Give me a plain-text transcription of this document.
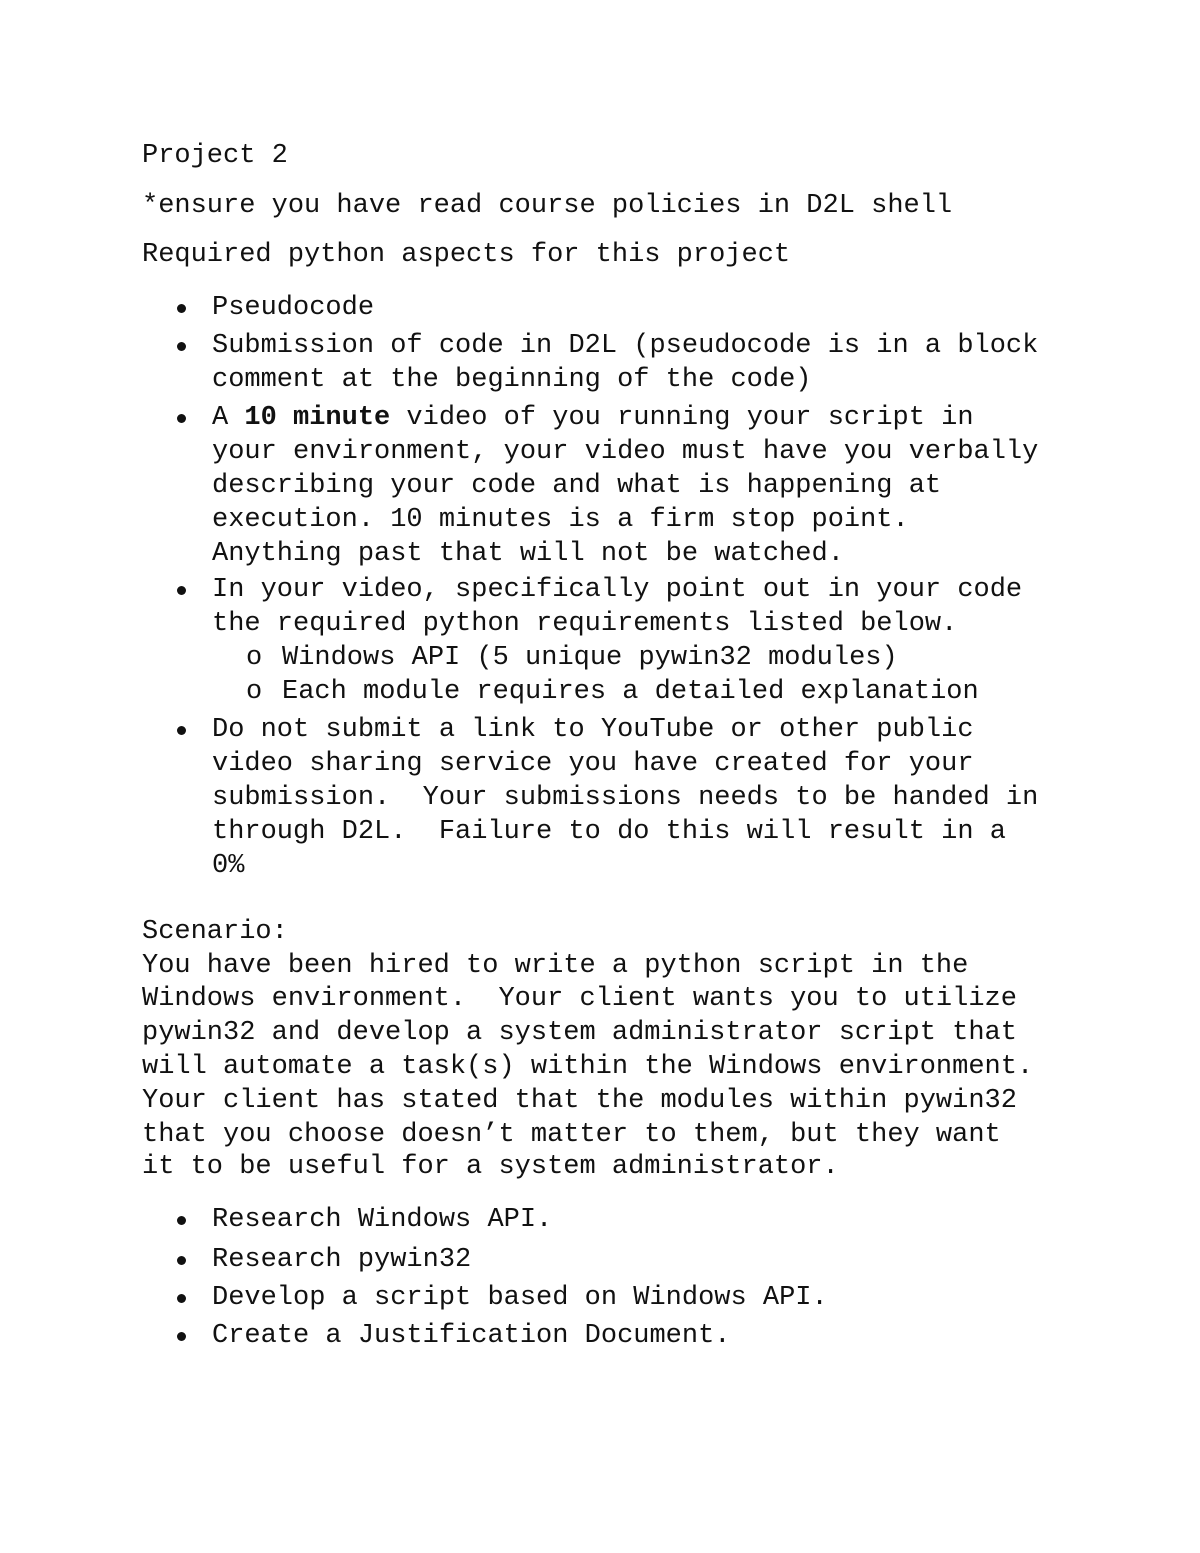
Project 2
*ensure you have read course policies in D2L shell
Required python aspects for this project
Pseudocode
Submission of code in D2L (pseudocode is in a block
comment at the beginning of the code)
A 10 minute video of you running your script in
your environment, your video must have you verbally
describing your code and what is happening at
execution. 10 minutes is a firm stop point.
Anything past that will not be watched.
In your video, specifically point out in your code
the required python requirements listed below.
o Windows API (5 unique pywin32 modules)
o Each module requires a detailed explanation
Do not submit a link to YouTube or other public
video sharing service you have created for your
submission.  Your submissions needs to be handed in
through D2L.  Failure to do this will result in a
0%
Scenario:
You have been hired to write a python script in the
Windows environment.  Your client wants you to utilize
pywin32 and develop a system administrator script that
will automate a task(s) within the Windows environment.
Your client has stated that the modules within pywin32
that you choose doesn’t matter to them, but they want
it to be useful for a system administrator.
Research Windows API.
Research pywin32
Develop a script based on Windows API.
Create a Justification Document.
